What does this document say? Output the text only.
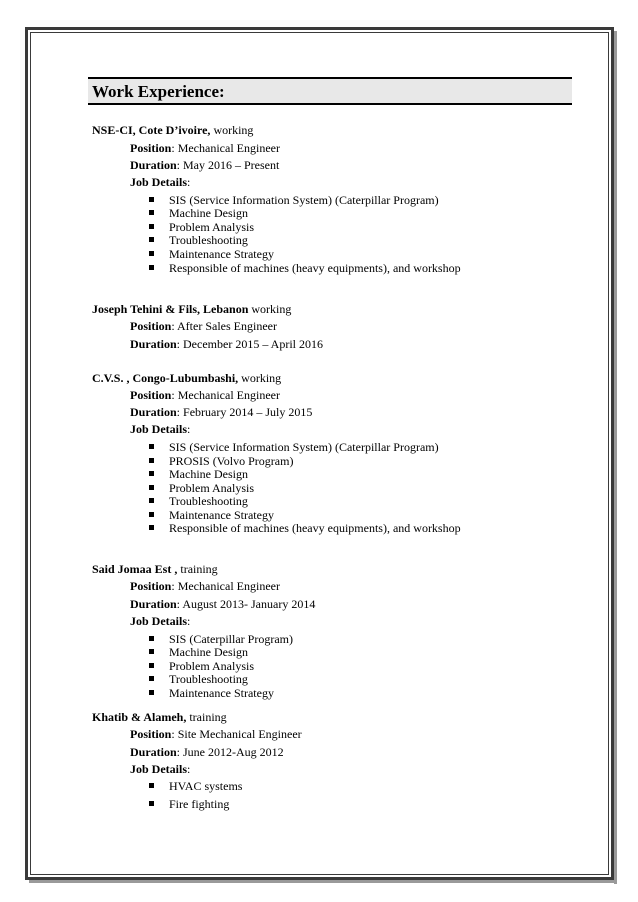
Work Experience:
NSE-CI, Cote D’ivoire, working
Position: Mechanical Engineer
Duration: May 2016 – Present
Job Details:
SIS (Service Information System) (Caterpillar Program)
Machine Design
Problem Analysis
Troubleshooting
Maintenance Strategy
Responsible of machines (heavy equipments), and workshop
Joseph Tehini & Fils, Lebanon working
Position: After Sales Engineer
Duration: December 2015 – April 2016
C.V.S. , Congo-Lubumbashi, working
Position: Mechanical Engineer
Duration: February 2014 – July 2015
Job Details:
SIS (Service Information System) (Caterpillar Program)
PROSIS (Volvo Program)
Machine Design
Problem Analysis
Troubleshooting
Maintenance Strategy
Responsible of machines (heavy equipments), and workshop
Said Jomaa Est , training
Position: Mechanical Engineer
Duration: August 2013- January 2014
Job Details:
SIS (Caterpillar Program)
Machine Design
Problem Analysis
Troubleshooting
Maintenance Strategy
Khatib & Alameh, training
Position: Site Mechanical Engineer
Duration: June 2012-Aug 2012
Job Details:
HVAC systems
Fire fighting
